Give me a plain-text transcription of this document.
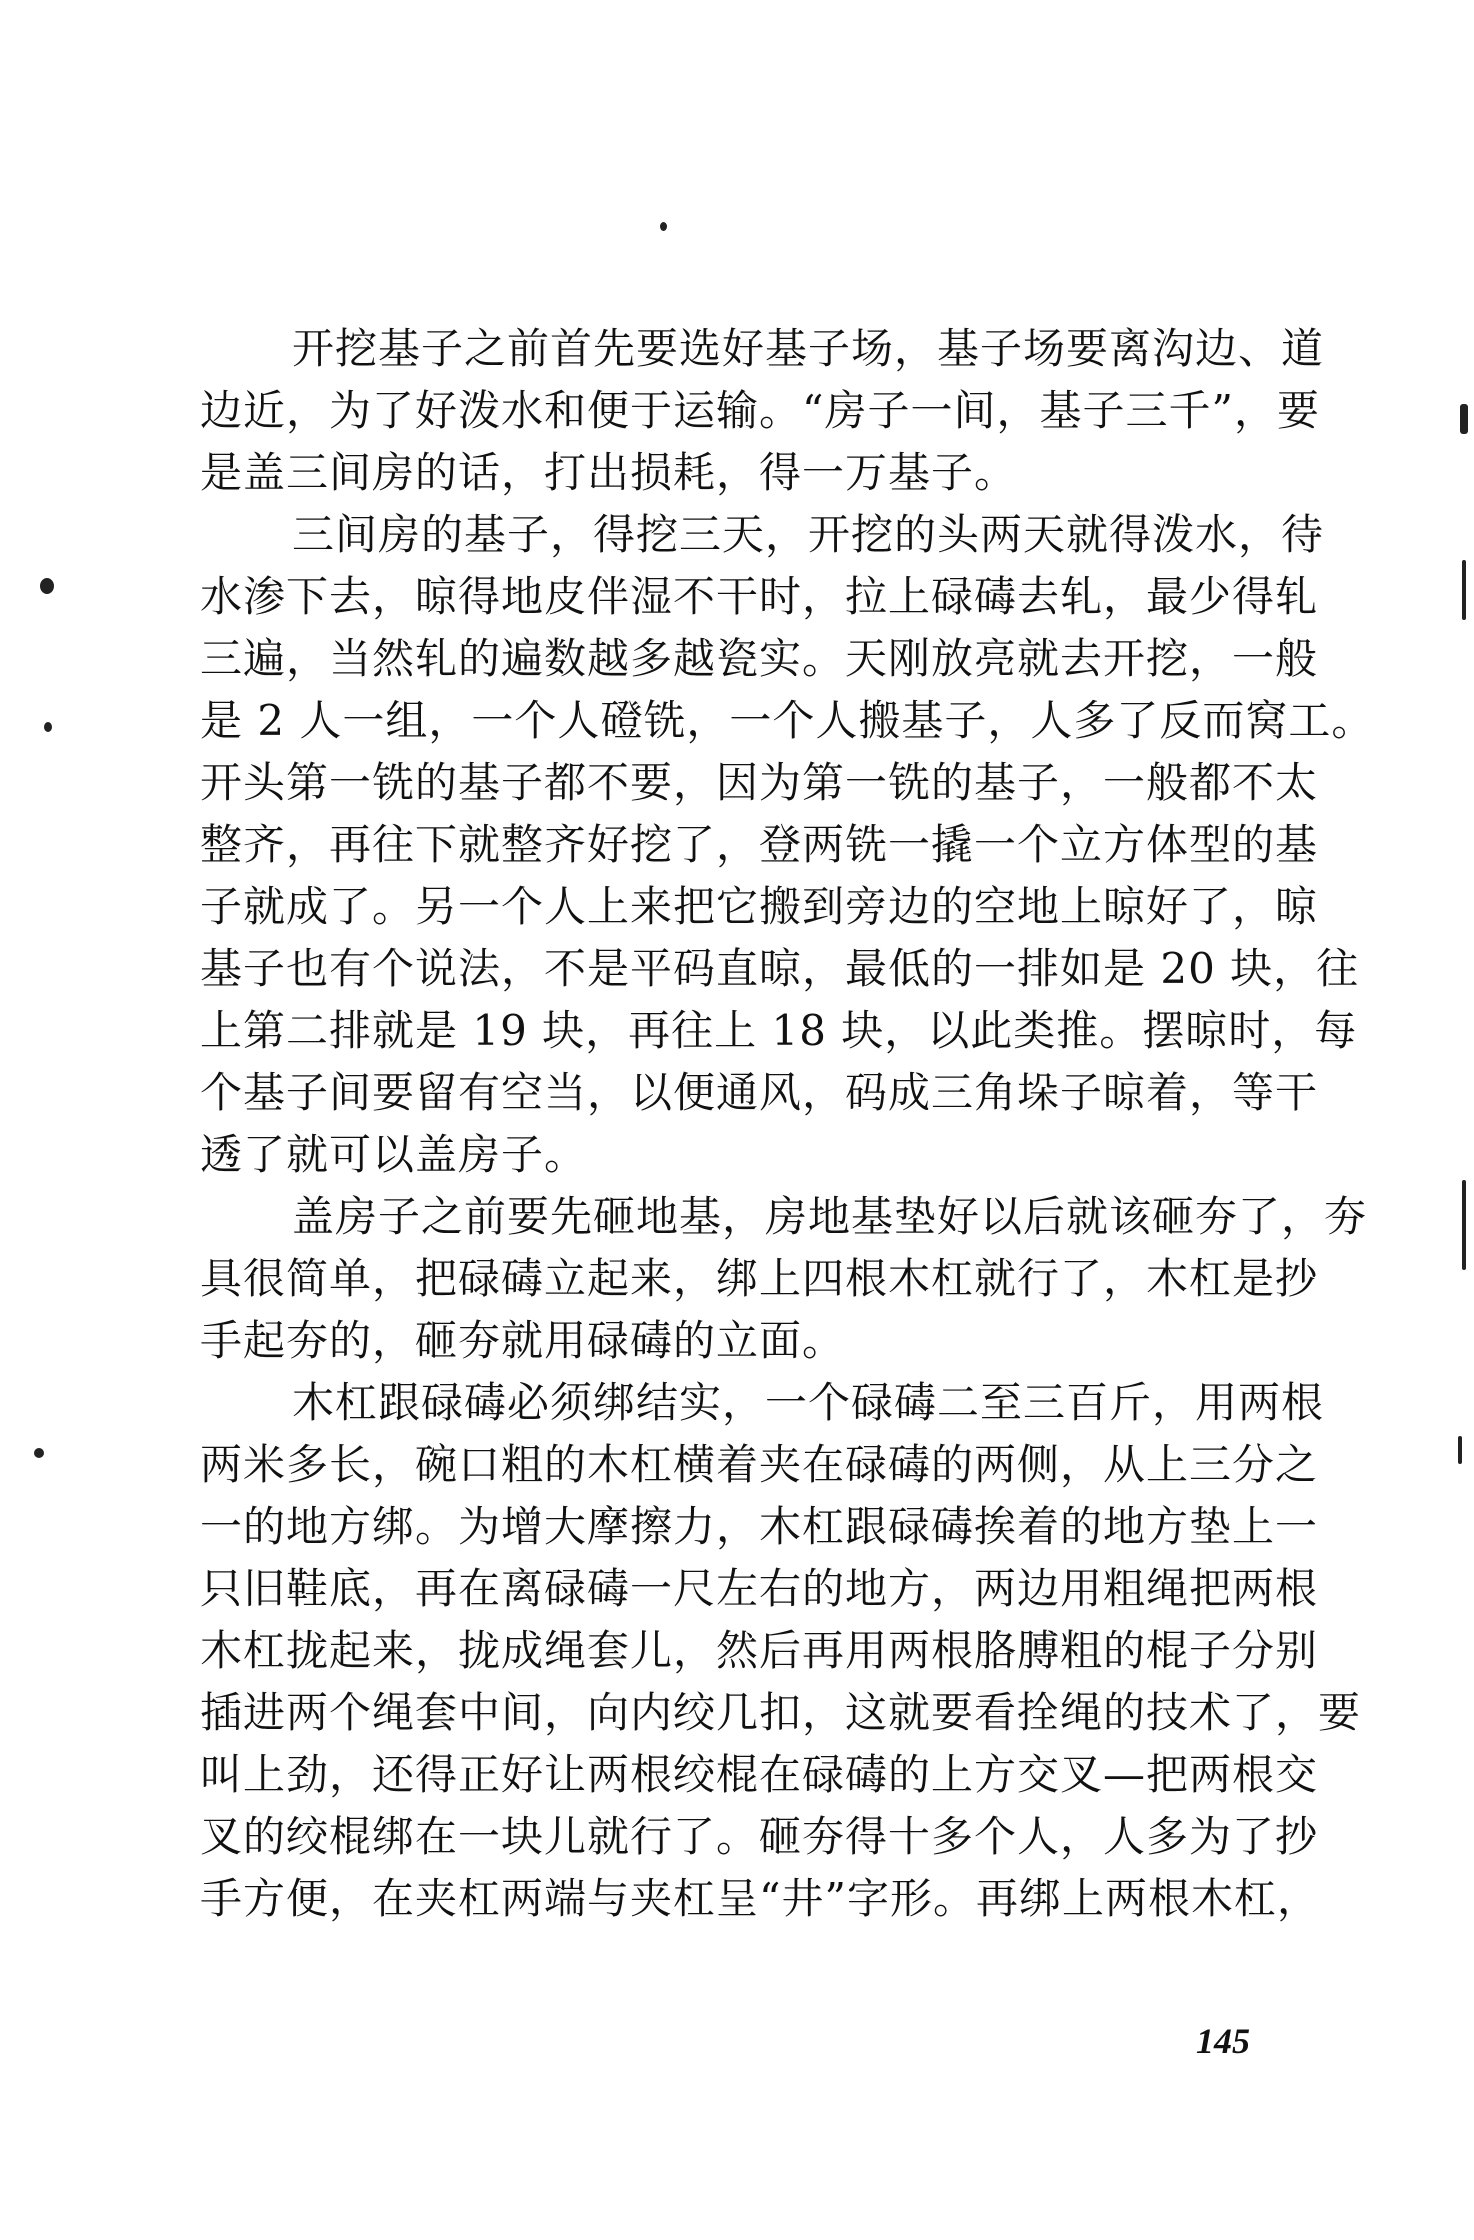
开挖基子之前首先要选好基子场，基子场要离沟边、道
边近，为了好泼水和便于运输。“房子一间，基子三千”，要
是盖三间房的话，打出损耗，得一万基子。
三间房的基子，得挖三天，开挖的头两天就得泼水，待
水渗下去，晾得地皮伴湿不干时，拉上碌碡去轧，最少得轧
三遍，当然轧的遍数越多越瓷实。天刚放亮就去开挖，一般
是 2 人一组，一个人磴铣，一个人搬基子，人多了反而窝工。
开头第一铣的基子都不要，因为第一铣的基子，一般都不太
整齐，再往下就整齐好挖了，登两铣一撬一个立方体型的基
子就成了。另一个人上来把它搬到旁边的空地上晾好了，晾
基子也有个说法，不是平码直晾，最低的一排如是 20 块，往
上第二排就是 19 块，再往上 18 块，以此类推。摆晾时，每
个基子间要留有空当，以便通风，码成三角垛子晾着，等干
透了就可以盖房子。
盖房子之前要先砸地基，房地基垫好以后就该砸夯了，夯
具很简单，把碌碡立起来，绑上四根木杠就行了，木杠是抄
手起夯的，砸夯就用碌碡的立面。
木杠跟碌碡必须绑结实，一个碌碡二至三百斤，用两根
两米多长，碗口粗的木杠横着夹在碌碡的两侧，从上三分之
一的地方绑。为增大摩擦力，木杠跟碌碡挨着的地方垫上一
只旧鞋底，再在离碌碡一尺左右的地方，两边用粗绳把两根
木杠拢起来，拢成绳套儿，然后再用两根胳膊粗的棍子分别
插进两个绳套中间，向内绞几扣，这就要看拴绳的技术了，要
叫上劲，还得正好让两根绞棍在碌碡的上方交叉—把两根交
叉的绞棍绑在一块儿就行了。砸夯得十多个人，人多为了抄
手方便，在夹杠两端与夹杠呈“井”字形。再绑上两根木杠，
145
